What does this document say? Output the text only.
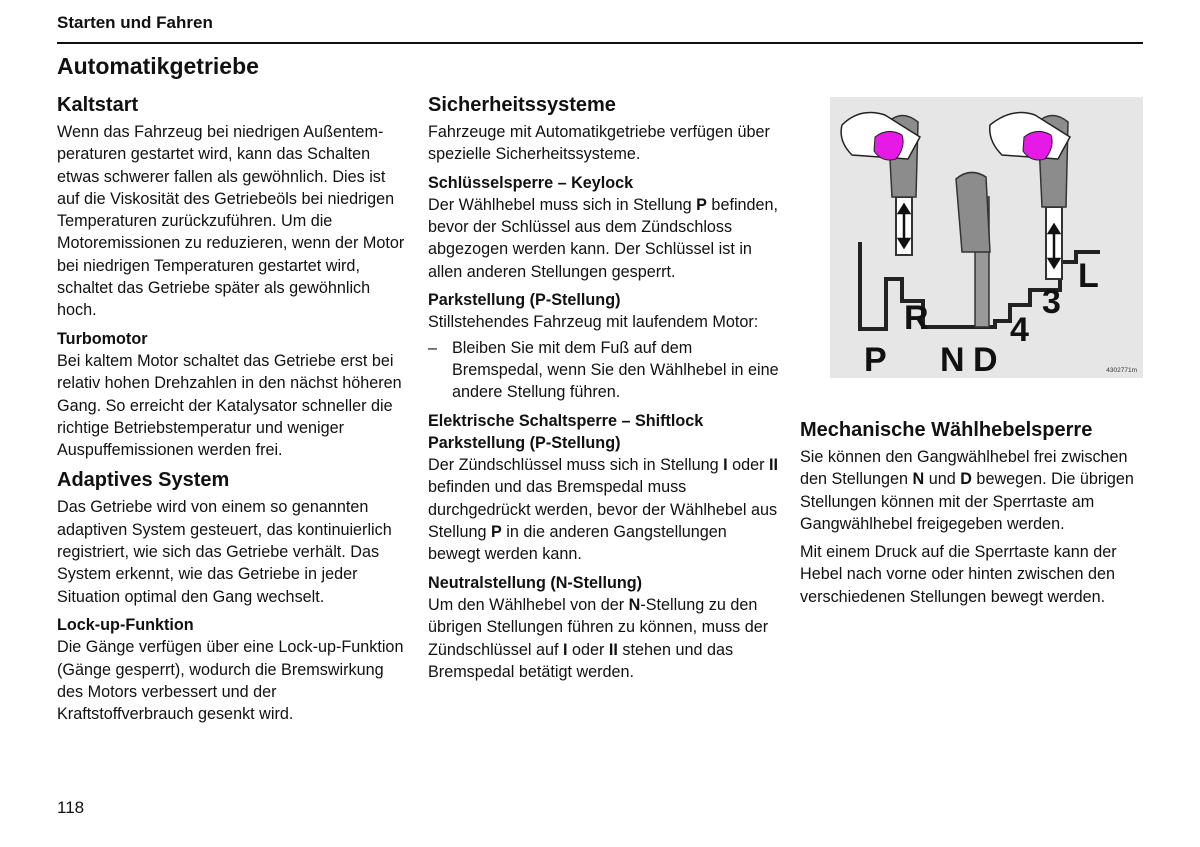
Starten und Fahren
Automatikgetriebe
Kaltstart

Wenn das Fahrzeug bei niedrigen Außentemperaturen gestartet wird, kann das Schalten etwas schwerer fallen als gewöhnlich. Dies ist auf die Viskosität des Getriebeöls bei niedrigen Temperaturen zurückzuführen. Um die Motoremissionen zu reduzieren, wenn der Motor bei niedrigen Temperaturen gestartet wird, schaltet das Getriebe später als gewöhnlich hoch.

Turbomotor

Bei kaltem Motor schaltet das Getriebe erst bei relativ hohen Drehzahlen in den nächst höheren Gang. So erreicht der Katalysator schneller die richtige Betriebstemperatur und weniger Auspuffemissionen werden frei.

Adaptives System

Das Getriebe wird von einem so genannten adaptiven System gesteuert, das kontinuierlich registriert, wie sich das Getriebe verhält. Das System erkennt, wie das Getriebe in jeder Situation optimal den Gang wechselt.

Lock-up-Funktion

Die Gänge verfügen über eine Lock-up-Funktion (Gänge gesperrt), wodurch die Bremswirkung des Motors verbessert und der Kraftstoffverbrauch gesenkt wird.

Sicherheitssysteme

Fahrzeuge mit Automatikgetriebe verfügen über spezielle Sicherheitssysteme.

Schlüsselsperre – Keylock

Der Wählhebel muss sich in Stellung P befinden, bevor der Schlüssel aus dem Zündschloss abgezogen werden kann. Der Schlüssel ist in allen anderen Stellungen gesperrt.

Parkstellung (P-Stellung)

Stillstehendes Fahrzeug mit laufendem Motor:

– Bleiben Sie mit dem Fuß auf dem Bremspedal, wenn Sie den Wählhebel in eine andere Stellung führen.
Elektrische Schaltsperre – Shiftlock
Parkstellung (P-Stellung)

Der Zündschlüssel muss sich in Stellung I oder II befinden und das Bremspedal muss durchgedrückt werden, bevor der Wählhebel aus Stellung P in die anderen Gangstellungen bewegt werden kann.

Neutralstellung (N-Stellung)

Um den Wählhebel von der N-Stellung zu den übrigen Stellungen führen zu können, muss der Zündschlüssel auf I oder II stehen und das Bremspedal betätigt werden.

P
R
N D
4
3
L
4302771m
Mechanische Wählhebelsperre

Sie können den Gangwählhebel frei zwischen den Stellungen N und D bewegen. Die übrigen Stellungen können mit der Sperrtaste am Gangwählhebel freigegeben werden.

Mit einem Druck auf die Sperrtaste kann der Hebel nach vorne oder hinten zwischen den verschiedenen Stellungen bewegt werden.

118
